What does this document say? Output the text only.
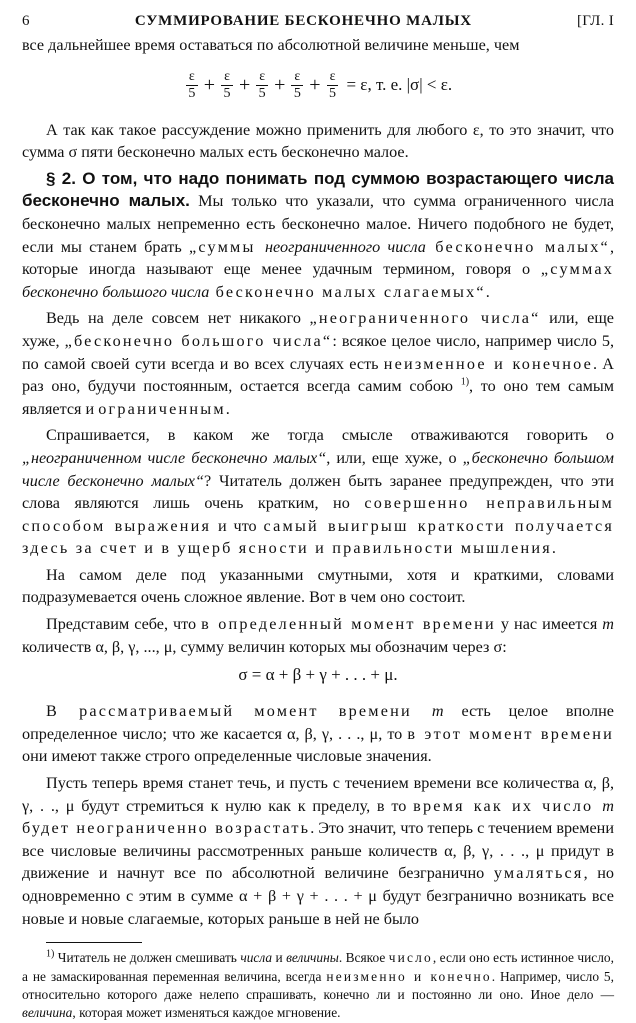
6	СУММИРОВАНИЕ БЕСКОНЕЧНО МАЛЫХ	[ГЛ. I

все дальнейшее время оставаться по абсолютной величине меньше, чем

$\frac{\varepsilon}{5} + \frac{\varepsilon}{5} + \frac{\varepsilon}{5} + \frac{\varepsilon}{5} + \frac{\varepsilon}{5} = \varepsilon$, т. е. |σ| < ε.

А так как такое рассуждение можно применить для любого ε, то это значит, что сумма σ пяти бесконечно малых есть бесконечно малое.

§ 2. О том, что надо понимать под суммою возрастающего числа бесконечно малых. Мы только что указали, что сумма ограниченного числа бесконечно малых непременно есть бесконечно малое. Ничего подобного не будет, если мы станем брать „суммы неограниченного числа бесконечно малых“, которые иногда называют еще менее удачным термином, говоря о „суммах бесконечно большого числа бесконечно малых слагаемых“.

Ведь на деле совсем нет никакого „неограниченного числа“ или, еще хуже, „бесконечно большого числа“: всякое целое число, например число 5, по самой своей сути всегда и во всех случаях есть неизменное и конечное. А раз оно, будучи постоянным, остается всегда самим собою $^{1)}$, то оно тем самым является и ограниченным.

Спрашивается, в каком же тогда смысле отваживаются говорить о „неограниченном числе бесконечно малых“, или, еще хуже, о „бесконечно большом числе бесконечно малых“? Читатель должен быть заранее предупрежден, что эти слова являются лишь очень кратким, но совершенно неправильным способом выражения и что самый выигрыш краткости получается здесь за счет и в ущерб ясности и правильности мышления.

На самом деле под указанными смутными, хотя и краткими, словами подразумевается очень сложное явление. Вот в чем оно состоит.

Представим себе, что в определенный момент времени у нас имеется m количеств α, β, γ, ..., μ, сумму величин которых мы обозначим через σ:

σ = α + β + γ + . . . + μ.

В рассматриваемый момент времени m есть целое вполне определенное число; что же касается α, β, γ, . . ., μ, то в этот момент времени они имеют также строго определенные числовые значения.

Пусть теперь время станет течь, и пусть с течением времени все количества α, β, γ, . ., μ будут стремиться к нулю как к пределу, в то время как их число m будет неограниченно возрастать. Это значит, что теперь с течением времени все числовые величины рассмотренных раньше количеств α, β, γ, . . ., μ придут в движение и начнут все по абсолютной величине безгранично умаляться, но одновременно с этим в сумме α + β + γ + . . . + μ будут безгранично возникать все новые и новые слагаемые, которых раньше в ней не было

$^{1)}$ Читатель не должен смешивать числа и величины. Всякое число, если оно есть истинное число, а не замаскированная переменная величина, всегда неизменно и конечно. Например, число 5, относительно которого даже нелепо спрашивать, конечно ли и постоянно ли оно. Иное дело — величина, которая может изменяться каждое мгновение.
